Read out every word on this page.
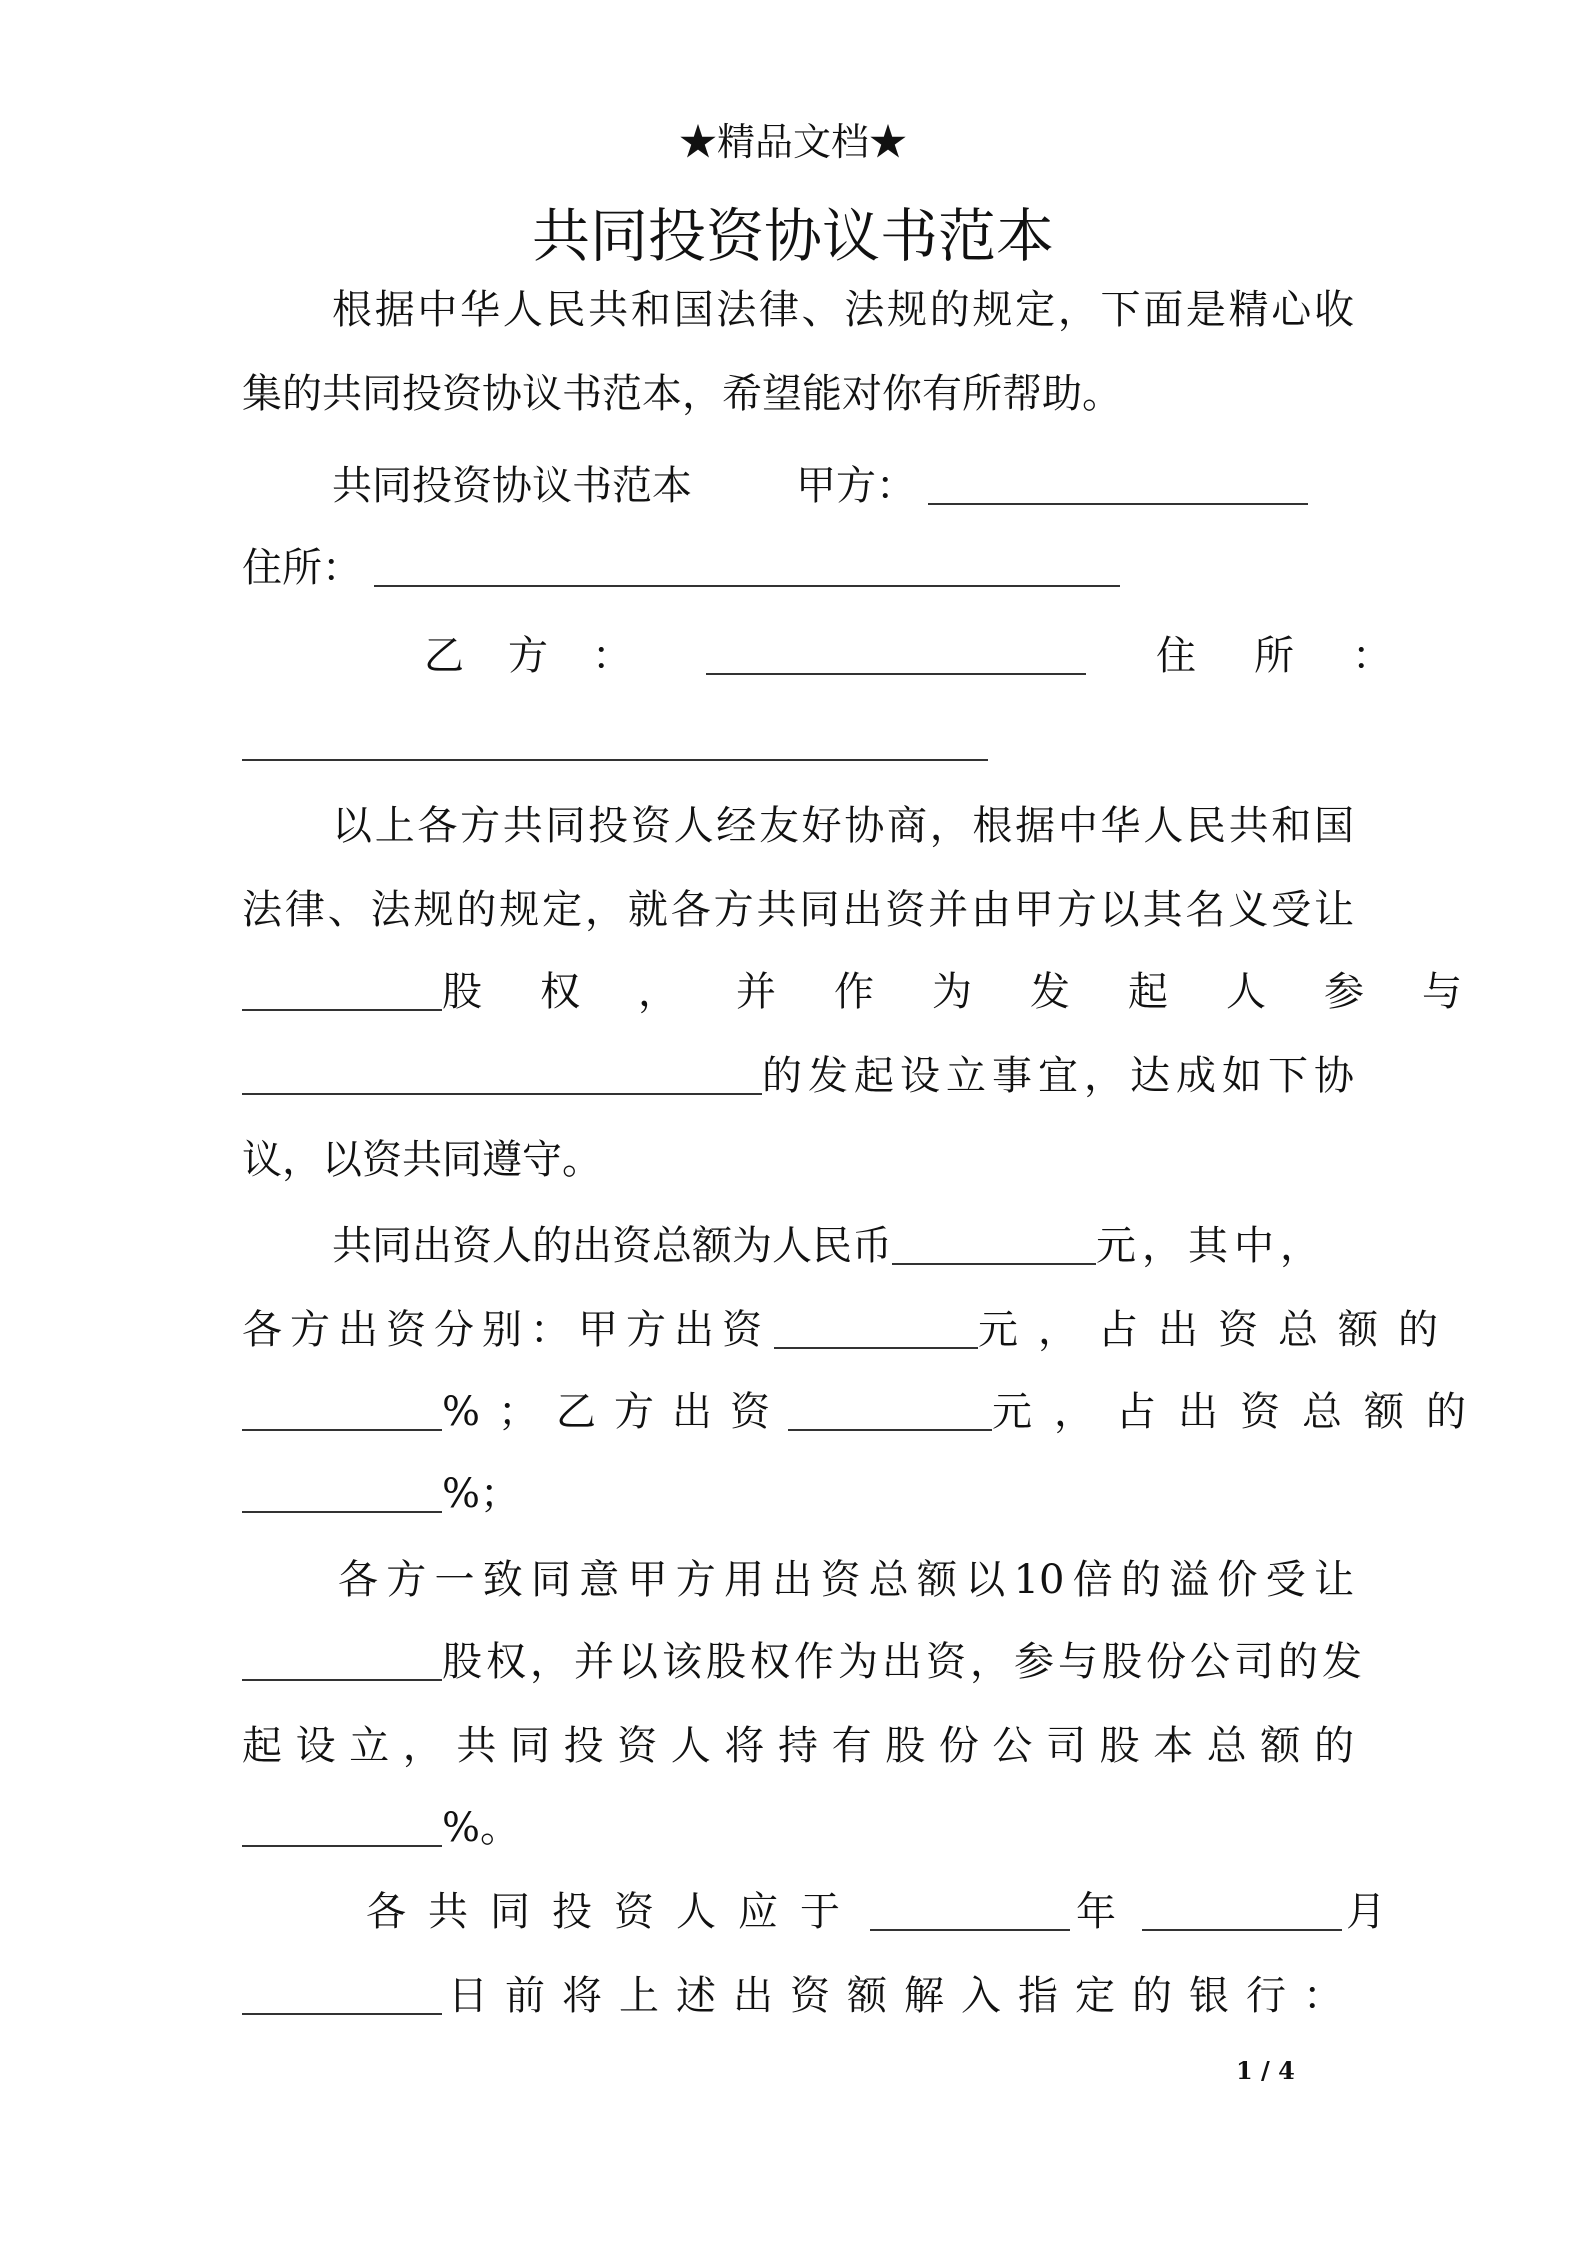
★精品文档★
共同投资协议书范本
根据中华人民共和国法律、法规的规定，下面是精心收
集的共同投资协议书范本，希望能对你有所帮助。
共同投资协议书范本	甲方：
住所：
乙方：	住所：
以上各方共同投资人经友好协商，根据中华人民共和国
法律、法规的规定，就各方共同出资并由甲方以其名义受让
股权，并作为发起人参与
的发起设立事宜，达成如下协
议，以资共同遵守。
共同出资人的出资总额为人民币	元，其中，
各方出资分别：甲方出资	元，占出资总额的
%；乙方出资	元，占出资总额的
%；
各方一致同意甲方用出资总额以10倍的溢价受让
股权，并以该股权作为出资，参与股份公司的发
起设立，共同投资人将持有股份公司股本总额的
%。
各共同投资人应于	年	月
日前将上述出资额解入指定的银行：
1 / 4
